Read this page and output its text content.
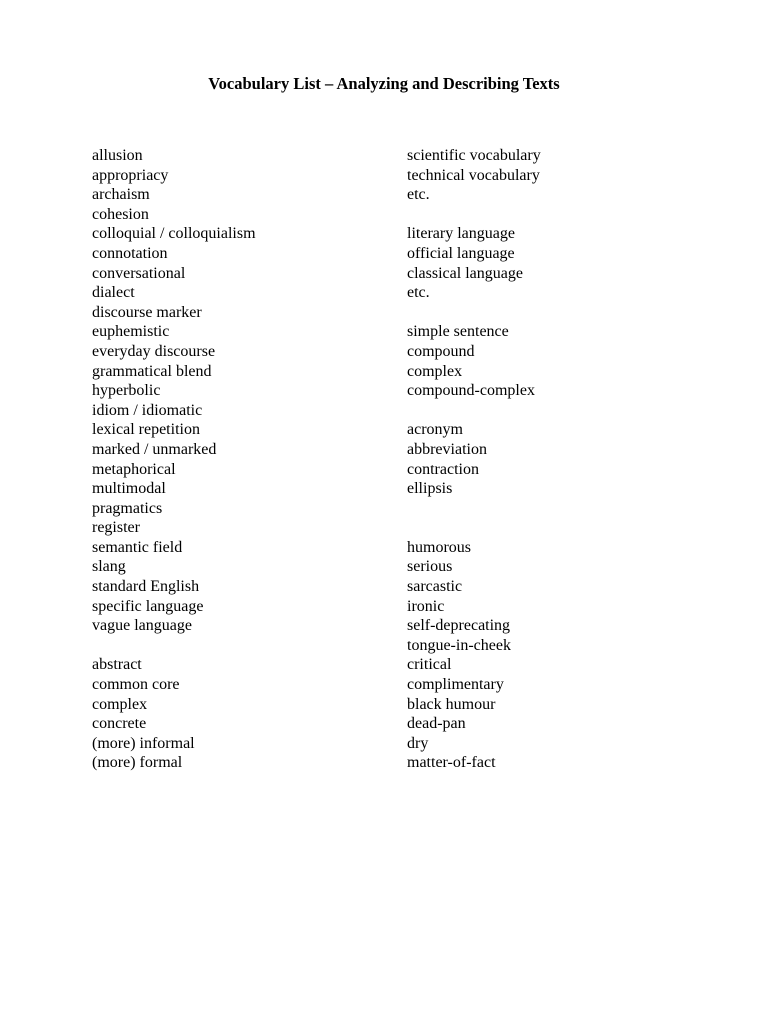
Vocabulary List – Analyzing and Describing Texts
allusion
appropriacy
archaism
cohesion
colloquial / colloquialism
connotation
conversational
dialect
discourse marker
euphemistic
everyday discourse
grammatical blend
hyperbolic
idiom / idiomatic
lexical repetition
marked / unmarked
metaphorical
multimodal
pragmatics
register
semantic field
slang
standard English
specific language
vague language
abstract
common core
complex
concrete
(more) informal
(more) formal
scientific vocabulary
technical vocabulary
etc.
literary language
official language
classical language
etc.
simple sentence
compound
complex
compound-complex
acronym
abbreviation
contraction
ellipsis
humorous
serious
sarcastic
ironic
self-deprecating
tongue-in-cheek
critical
complimentary
black humour
dead-pan
dry
matter-of-fact
